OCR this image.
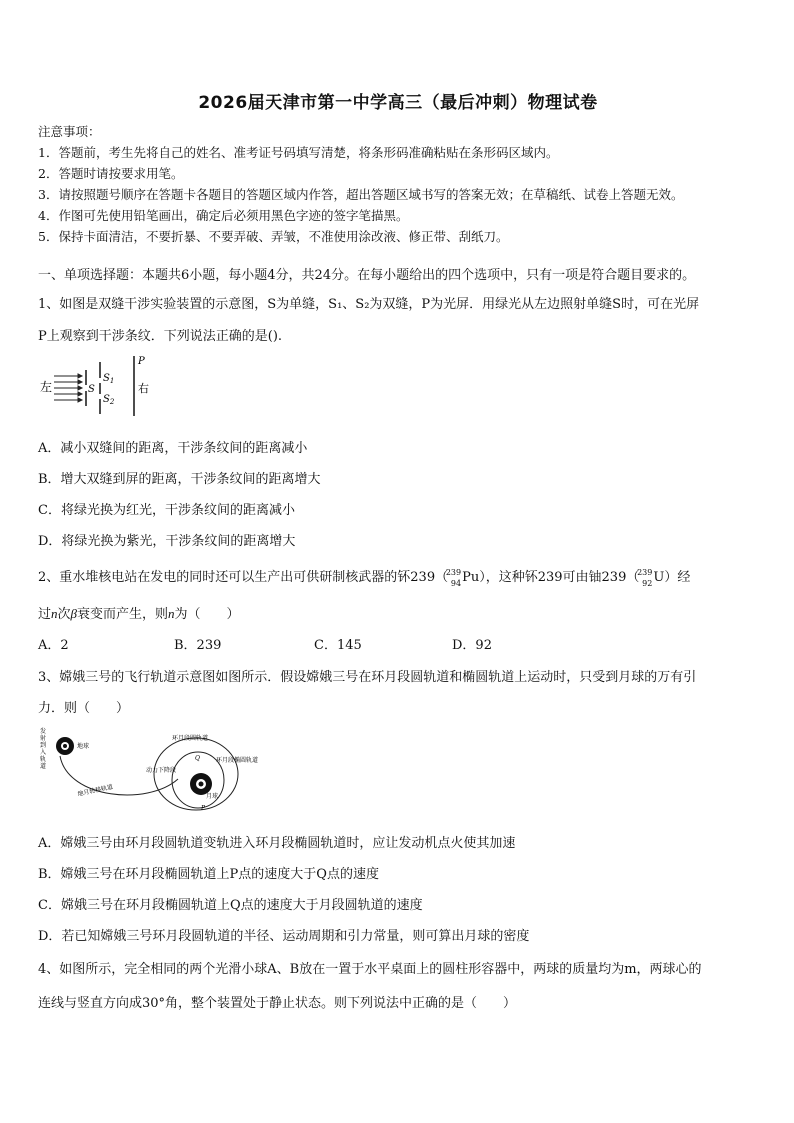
2026届天津市第一中学高三（最后冲刺）物理试卷
注意事项：
1．答题前，考生先将自己的姓名、准考证号码填写清楚，将条形码准确粘贴在条形码区域内。
2．答题时请按要求用笔。
3．请按照题号顺序在答题卡各题目的答题区域内作答，超出答题区域书写的答案无效；在草稿纸、试卷上答题无效。
4．作图可先使用铅笔画出，确定后必须用黑色字迹的签字笔描黑。
5．保持卡面清洁，不要折暴、不要弄破、弄皱，不准使用涂改液、修正带、刮纸刀。
一、单项选择题：本题共6小题，每小题4分，共24分。在每小题给出的四个选项中，只有一项是符合题目要求的。
1、如图是双缝干涉实验装置的示意图，S为单缝，S₁、S₂为双缝，P为光屏．用绿光从左边照射单缝S时，可在光屏
P上观察到干涉条纹．下列说法正确的是().
左	S
$S_1$
$S_2$
P
右
A．减小双缝间的距离，干涉条纹间的距离减小
B．增大双缝到屏的距离，干涉条纹间的距离增大
C．将绿光换为红光，干涉条纹间的距离减小
D．将绿光换为紫光，干涉条纹间的距离增大
2、重水堆核电站在发电的同时还可以生产出可供研制核武器的钚239（
239
94 Pu），这种钚239可由铀239（
239
92 U）经
过n次β衰变而产生，则n为（　　）
A．2	B．239	C．145	D．92
3、嫦娥三号的飞行轨道示意图如图所示．假设嫦娥三号在环月段圆轨道和椭圆轨道上运动时，只受到月球的万有引
力．则（　　）
发
射
到
入
轨
道
地球
地月转移轨道	月球
环月段圆轨道
环月段椭圆轨道
动力下降段
Q
P
A．嫦娥三号由环月段圆轨道变轨进入环月段椭圆轨道时，应让发动机点火使其加速
B．嫦娥三号在环月段椭圆轨道上P点的速度大于Q点的速度
C．嫦娥三号在环月段椭圆轨道上Q点的速度大于月段圆轨道的速度
D．若已知嫦娥三号环月段圆轨道的半径、运动周期和引力常量，则可算出月球的密度
4、如图所示，完全相同的两个光滑小球A、B放在一置于水平桌面上的圆柱形容器中，两球的质量均为m，两球心的
连线与竖直方向成30°角，整个装置处于静止状态。则下列说法中正确的是（　　）
